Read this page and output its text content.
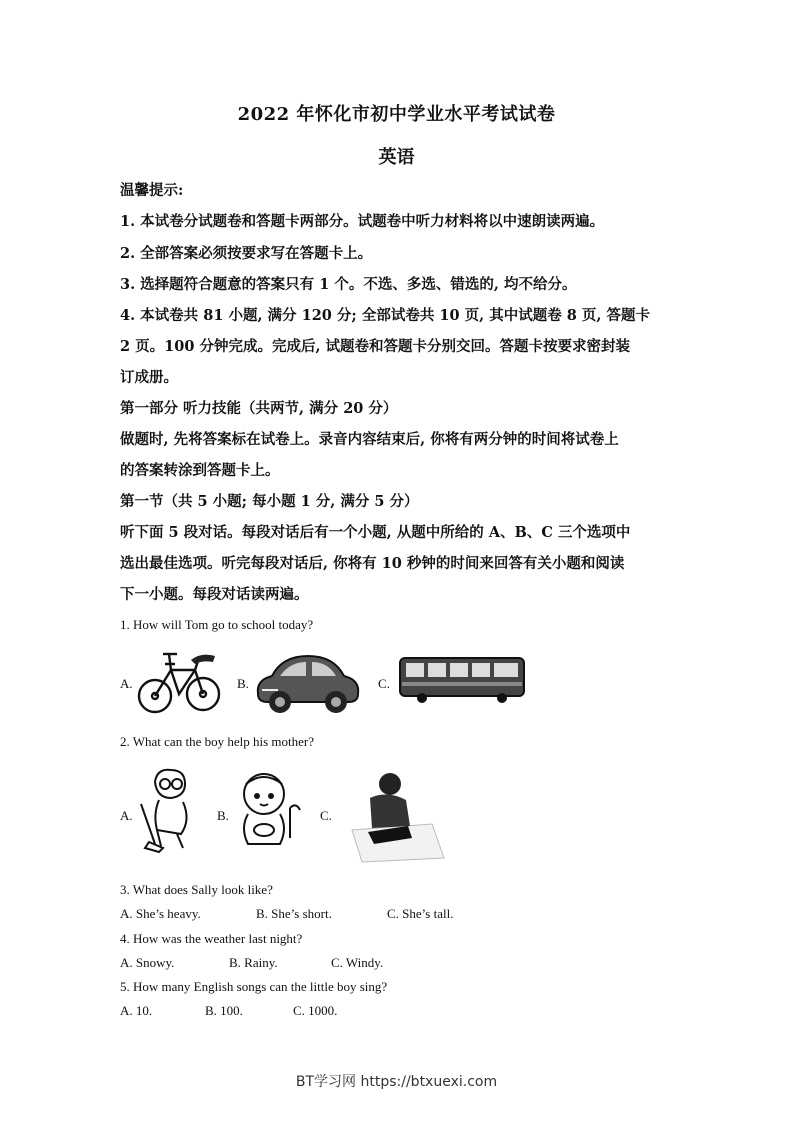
2022 年怀化市初中学业水平考试试卷
英语
温馨提示:
1. 本试卷分试题卷和答题卡两部分。试题卷中听力材料将以中速朗读两遍。
2. 全部答案必须按要求写在答题卡上。
3. 选择题符合题意的答案只有 1 个。不选、多选、错选的, 均不给分。
4. 本试卷共 81 小题, 满分 120 分; 全部试卷共 10 页, 其中试题卷 8 页, 答题卡
2 页。100 分钟完成。完成后, 试题卷和答题卡分别交回。答题卡按要求密封装
订成册。
第一部分 听力技能（共两节, 满分 20 分）
做题时, 先将答案标在试卷上。录音内容结束后, 你将有两分钟的时间将试卷上
的答案转涂到答题卡上。
第一节（共 5 小题; 每小题 1 分, 满分 5 分）
听下面 5 段对话。每段对话后有一个小题, 从题中所给的 A、B、C 三个选项中
选出最佳选项。听完每段对话后, 你将有 10 秒钟的时间来回答有关小题和阅读
下一小题。每段对话读两遍。
1. How will Tom go to school today?
A.	B.	C.
2. What can the boy help his mother?
A.	B.	C.
3. What does Sally look like?
A. She’s heavy.	B. She’s short.	C. She’s tall.
4. How was the weather last night?
A. Snowy.	B. Rainy.	C. Windy.
5. How many English songs can the little boy sing?
A. 10.	B. 100.	C. 1000.
BT学习网 https://btxuexi.com
